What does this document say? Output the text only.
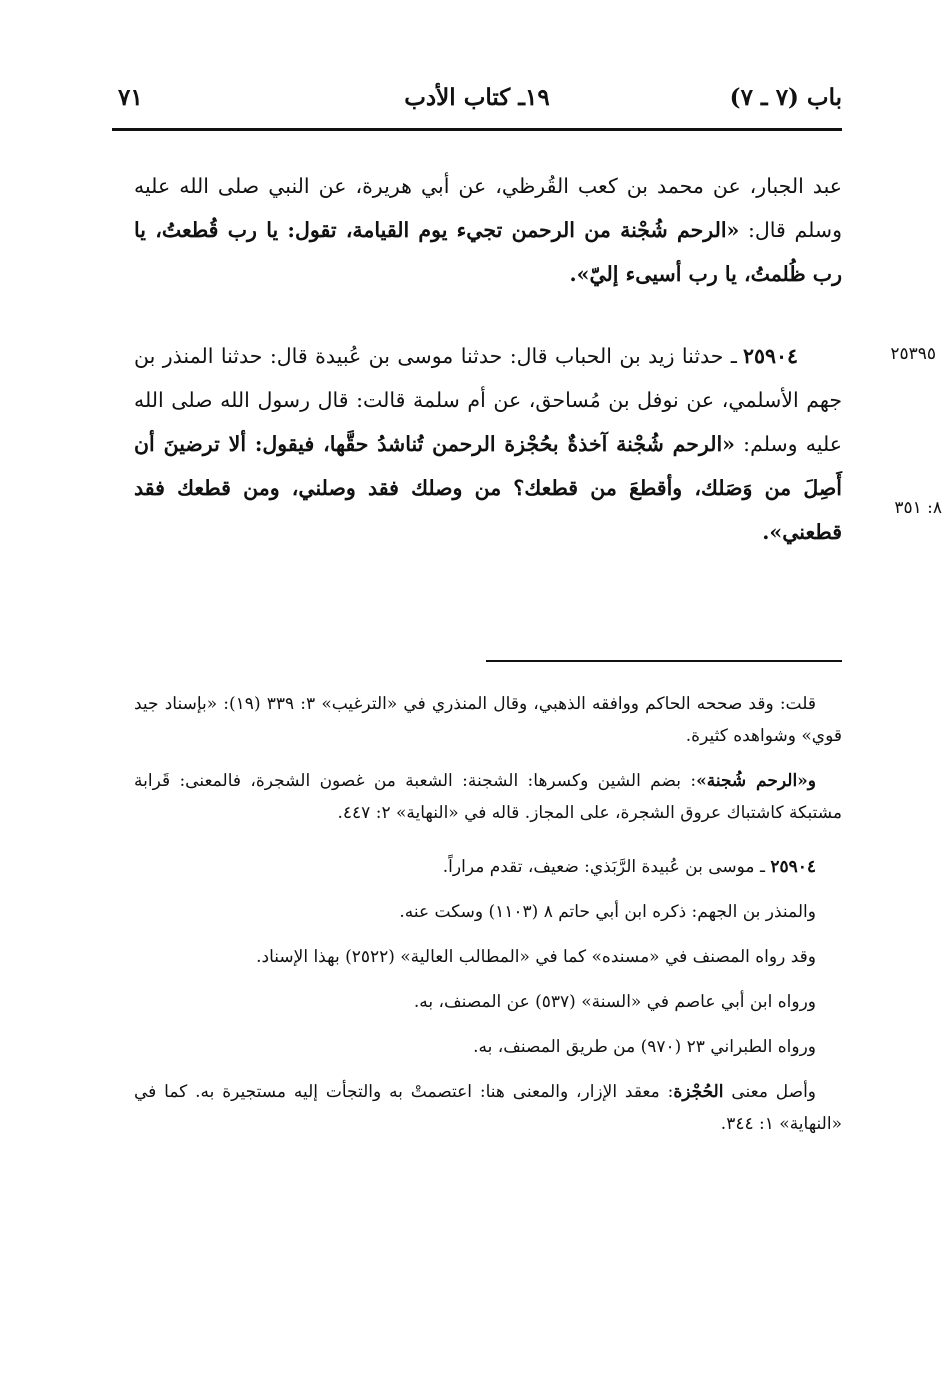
باب (٧ ـ ٧)
١٩ـ كتاب الأدب
٧١
عبد الجبار، عن محمد بن كعب القُرظي، عن أبي هريرة، عن النبي صلى الله عليه وسلم قال: «الرحم شُجْنة من الرحمن تجيء يوم القيامة، تقول: يا رب قُطعتُ، يا رب ظُلمتُ، يا رب أسيىء إليّ».
٢٥٩٠٤ـ حدثنا زيد بن الحباب قال: حدثنا موسى بن عُبيدة قال: حدثنا المنذر بن جهم الأسلمي، عن نوفل بن مُساحق، عن أم سلمة قالت: قال رسول الله صلى الله عليه وسلم: «الرحم شُجْنة آخذةٌ بحُجْزة الرحمن تُناشدُ حقَّها، فيقول: ألا ترضينَ أن أَصِلَ من وَصَلك، وأقطعَ من قطعك؟ من وصلك فقد وصلني، ومن قطعك فقد قطعني».
٢٥٣٩٥
٨: ٣٥١

قلت: وقد صححه الحاكم ووافقه الذهبي، وقال المنذري في «الترغيب» ٣: ٣٣٩ (١٩): «بإسناد جيد قوي» وشواهده كثيرة.

و«الرحم شُجنة»: بضم الشين وكسرها: الشجنة: الشعبة من غصون الشجرة، فالمعنى: قَرابة مشتبكة كاشتباك عروق الشجرة، على المجاز. قاله في «النهاية» ٢: ٤٤٧.

٢٥٩٠٤ ـ موسى بن عُبيدة الرَّبَذي: ضعيف، تقدم مراراً.

والمنذر بن الجهم: ذكره ابن أبي حاتم ٨ (١١٠٣) وسكت عنه.

وقد رواه المصنف في «مسنده» كما في «المطالب العالية» (٢٥٢٢) بهذا الإسناد.

ورواه ابن أبي عاصم في «السنة» (٥٣٧) عن المصنف، به.

ورواه الطبراني ٢٣ (٩٧٠) من طريق المصنف، به.

وأصل معنى الحُجْزة: معقد الإزار، والمعنى هنا: اعتصمتْ به والتجأت إليه مستجيرة به. كما في «النهاية» ١: ٣٤٤.
